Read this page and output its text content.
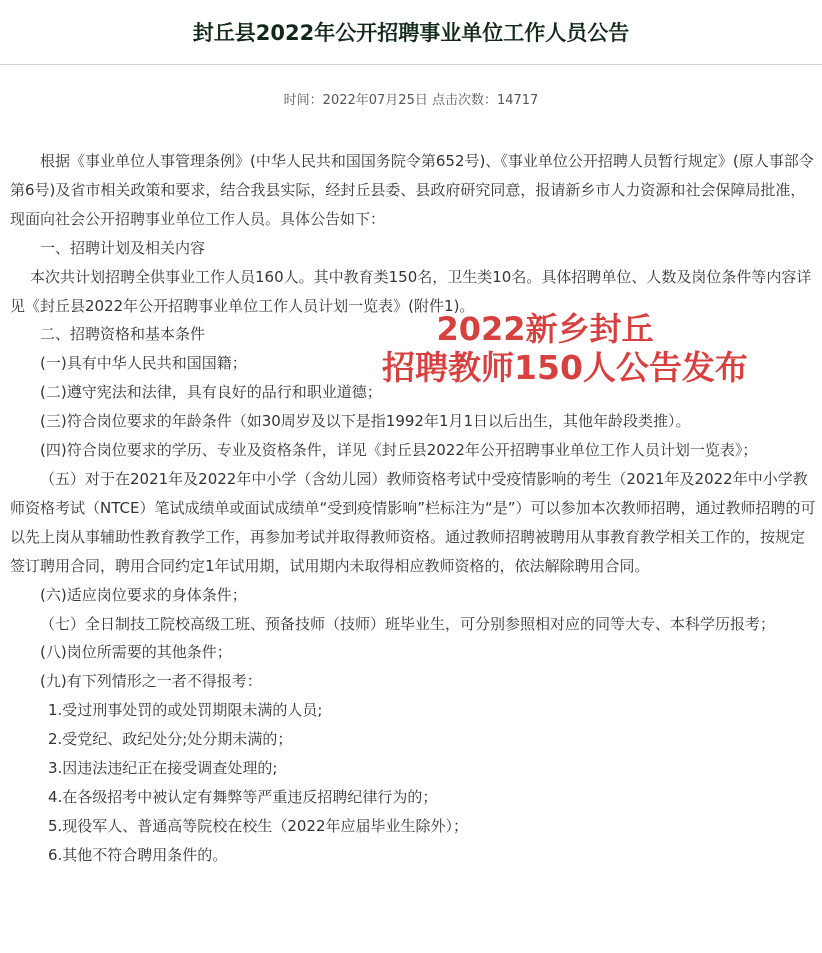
封丘县2022年公开招聘事业单位工作人员公告
时间：2022年07月25日 点击次数：14717

根据《事业单位人事管理条例》(中华人民共和国国务院令第652号)、《事业单位公开招聘人员暂行规定》(原人事部令第6号)及省市相关政策和要求，结合我县实际，经封丘县委、县政府研究同意，报请新乡市人力资源和社会保障局批准，现面向社会公开招聘事业单位工作人员。具体公告如下：

一、招聘计划及相关内容

本次共计划招聘全供事业工作人员160人。其中教育类150名，卫生类10名。具体招聘单位、人数及岗位条件等内容详见《封丘县2022年公开招聘事业单位工作人员计划一览表》(附件1)。

二、招聘资格和基本条件

(一)具有中华人民共和国国籍；

(二)遵守宪法和法律，具有良好的品行和职业道德；

(三)符合岗位要求的年龄条件（如30周岁及以下是指1992年1月1日以后出生，其他年龄段类推）。

(四)符合岗位要求的学历、专业及资格条件，详见《封丘县2022年公开招聘事业单位工作人员计划一览表》；

（五）对于在2021年及2022年中小学（含幼儿园）教师资格考试中受疫情影响的考生（2021年及2022年中小学教师资格考试（NTCE）笔试成绩单或面试成绩单“受到疫情影响”栏标注为“是”）可以参加本次教师招聘，通过教师招聘的可以先上岗从事辅助性教育教学工作，再参加考试并取得教师资格。通过教师招聘被聘用从事教育教学相关工作的，按规定签订聘用合同，聘用合同约定1年试用期，试用期内未取得相应教师资格的，依法解除聘用合同。

(六)适应岗位要求的身体条件；

（七）全日制技工院校高级工班、预备技师（技师）班毕业生，可分别参照相对应的同等大专、本科学历报考；

(八)岗位所需要的其他条件；

(九)有下列情形之一者不得报考：

1.受过刑事处罚的或处罚期限未满的人员;

2.受党纪、政纪处分;处分期未满的；

3.因违法违纪正在接受调查处理的;

4.在各级招考中被认定有舞弊等严重违反招聘纪律行为的；

5.现役军人、普通高等院校在校生（2022年应届毕业生除外）；

6.其他不符合聘用条件的。

2022新乡封丘
招聘教师150人公告发布
